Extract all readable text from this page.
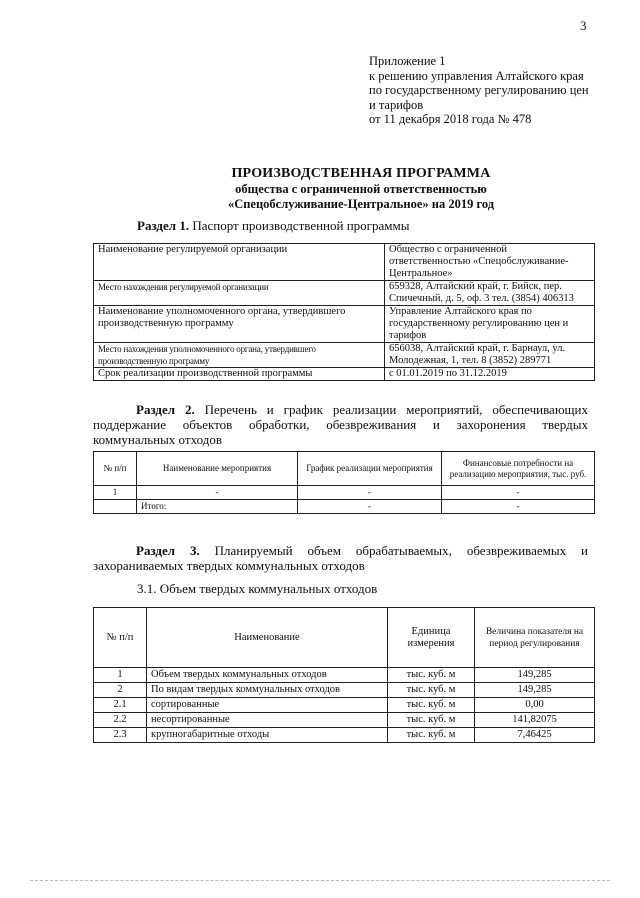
3
Приложение 1
к решению управления Алтайского края
по государственному регулированию цен
и тарифов
от 11 декабря 2018 года № 478
ПРОИЗВОДСТВЕННАЯ ПРОГРАММА
общества с ограниченной ответственностью
«Спецобслуживание-Центральное» на 2019 год
Раздел 1. Паспорт производственной программы
Наименование регулируемой организации	Общество с ограниченной ответственностью «Спецобслуживание-Центральное»
Место нахождения регулируемой организации	659328, Алтайский край, г. Бийск, пер. Спичечный, д. 5, оф. 3 тел. (3854) 406313
Наименование уполномоченного органа, утвердившего производственную программу	Управление Алтайского края по государственному регулированию цен и тарифов
Место нахождения уполномоченного органа, утвердившего производственную программу	656038, Алтайский край, г. Барнаул, ул. Молодежная, 1, тел. 8 (3852) 289771
Срок реализации производственной программы	с 01.01.2019 по 31.12.2019
Раздел 2. Перечень и график реализации мероприятий, обеспечивающих поддержание объектов обработки, обезвреживания и захоронения твердых коммунальных отходов
№ п/п	Наименование мероприятия	График реализации мероприятия	Финансовые потребности на реализацию мероприятия, тыс. руб.
1	-	-	-
	Итого:	-	-
Раздел 3. Планируемый объем обрабатываемых, обезвреживаемых и захораниваемых твердых коммунальных отходов
3.1. Объем твердых коммунальных отходов
№ п/п	Наименование	Единица измерения	Величина показателя на период регулирования
1	Объем твердых коммунальных отходов	тыс. куб. м	149,285
2	По видам твердых коммунальных отходов	тыс. куб. м	149,285
2.1	сортированные	тыс. куб. м	0,00
2.2	несортированные	тыс. куб. м	141,82075
2.3	крупногабаритные отходы	тыс. куб. м	7,46425
